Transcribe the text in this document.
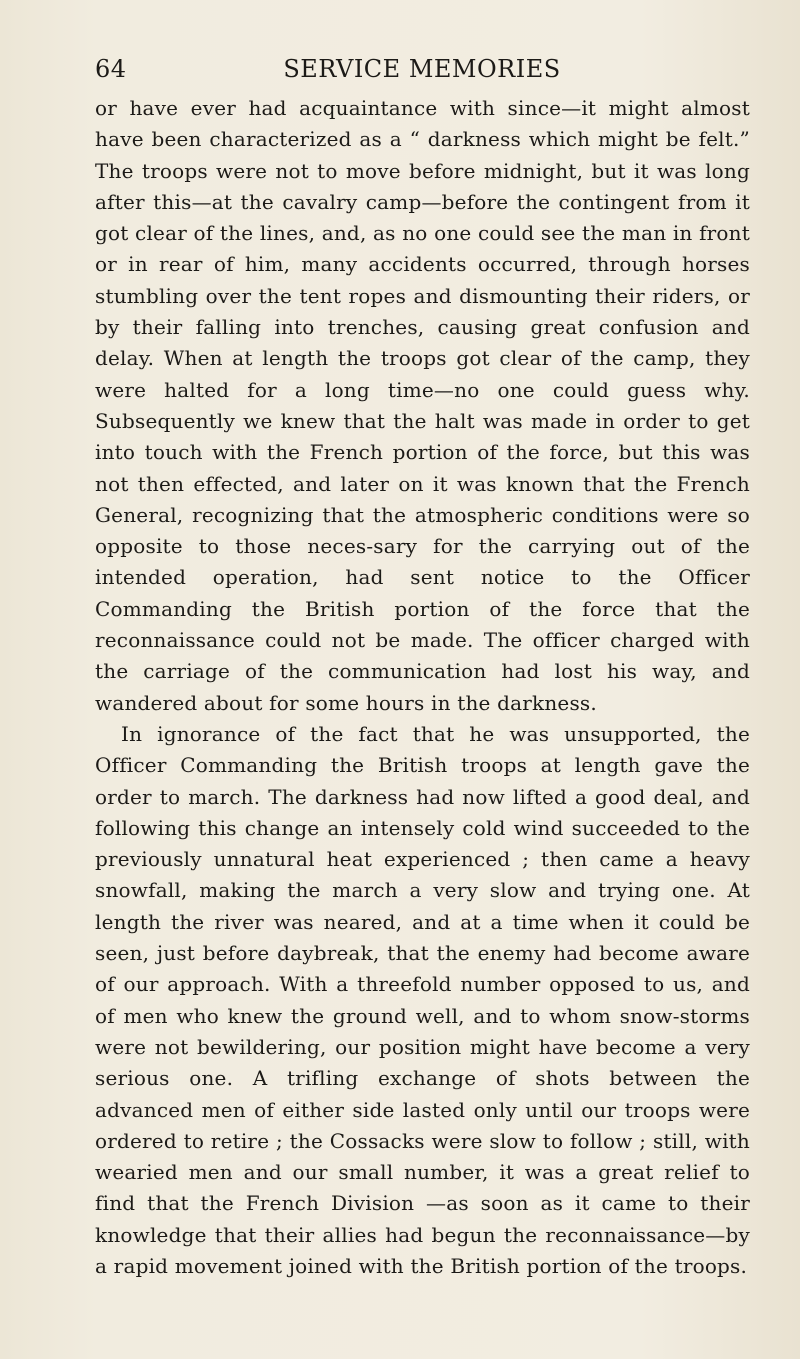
64	SERVICE MEMORIES

or have ever had acquaintance with since—it might almost have been characterized as a “ darkness which might be felt.” The troops were not to move before midnight, but it was long after this—at the cavalry camp—before the contingent from it got clear of the lines, and, as no one could see the man in front or in rear of him, many accidents occurred, through horses stumbling over the tent ropes and dismounting their riders, or by their falling into trenches, causing great confusion and delay. When at length the troops got clear of the camp, they were halted for a long time—no one could guess why. Subsequently we knew that the halt was made in order to get into touch with the French portion of the force, but this was not then effected, and later on it was known that the French General, recognizing that the atmospheric conditions were so opposite to those neces-sary for the carrying out of the intended operation, had sent notice to the Officer Commanding the British portion of the force that the reconnaissance could not be made. The officer charged with the carriage of the communication had lost his way, and wandered about for some hours in the darkness.

In ignorance of the fact that he was unsupported, the Officer Commanding the British troops at length gave the order to march. The darkness had now lifted a good deal, and following this change an intensely cold wind succeeded to the previously unnatural heat experienced ; then came a heavy snowfall, making the march a very slow and trying one. At length the river was neared, and at a time when it could be seen, just before daybreak, that the enemy had become aware of our approach. With a threefold number opposed to us, and of men who knew the ground well, and to whom snow-storms were not bewildering, our position might have become a very serious one. A trifling exchange of shots between the advanced men of either side lasted only until our troops were ordered to retire ; the Cossacks were slow to follow ; still, with wearied men and our small number, it was a great relief to find that the French Division —as soon as it came to their knowledge that their allies had begun the reconnaissance—by a rapid movement joined with the British portion of the troops.
